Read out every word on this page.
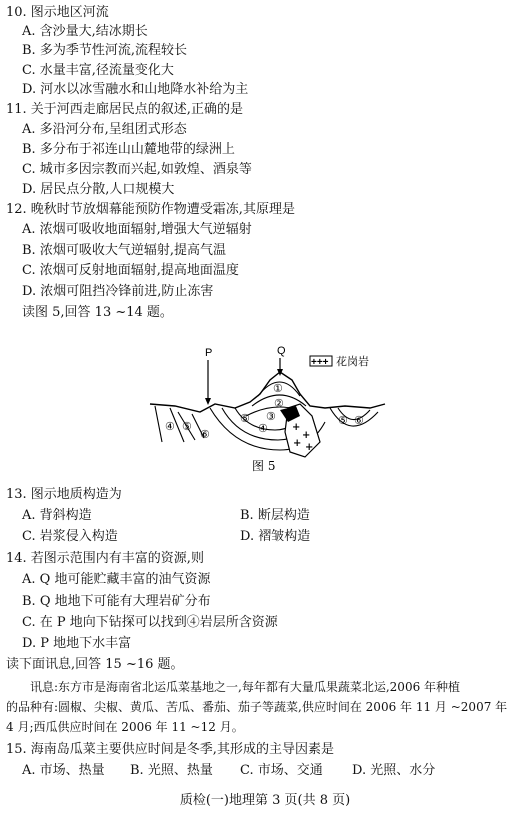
10. 图示地区河流
A. 含沙量大,结冰期长
B. 多为季节性河流,流程较长
C. 水量丰富,径流量变化大
D. 河水以冰雪融水和山地降水补给为主
11. 关于河西走廊居民点的叙述,正确的是
A. 多沿河分布,呈组团式形态
B. 多分布于祁连山山麓地带的绿洲上
C. 城市多因宗教而兴起,如敦煌、酒泉等
D. 居民点分散,人口规模大
12. 晚秋时节放烟幕能预防作物遭受霜冻,其原理是
A. 浓烟可吸收地面辐射,增强大气逆辐射
B. 浓烟可吸收大气逆辐射,提高气温
C. 浓烟可反射地面辐射,提高地面温度
D. 浓烟可阻挡冷锋前进,防止冻害
读图 5,回答 13 ~14 题。
P	Q
+++ 花岗岩
+
+
+ +
①
②
③
④
④ ⑤
⑤
⑥
⑤ ⑥
图 5
13. 图示地质构造为
A. 背斜构造	B. 断层构造
C. 岩浆侵入构造	D. 褶皱构造
14. 若图示范围内有丰富的资源,则
A. Q 地可能贮藏丰富的油气资源
B. Q 地地下可能有大理岩矿分布
C. 在 P 地向下钻探可以找到④岩层所含资源
D. P 地地下水丰富
读下面讯息,回答 15 ~16 题。
讯息:东方市是海南省北运瓜菜基地之一,每年都有大量瓜果蔬菜北运,2006 年种植
的品种有:圆椒、尖椒、黄瓜、苦瓜、番茄、茄子等蔬菜,供应时间在 2006 年 11 月 ~2007 年
4 月;西瓜供应时间在 2006 年 11 ~12 月。
15. 海南岛瓜菜主要供应时间是冬季,其形成的主导因素是
A. 市场、热量 B. 光照、热量 C. 市场、交通 D. 光照、水分
质检(一)地理第 3 页(共 8 页)
